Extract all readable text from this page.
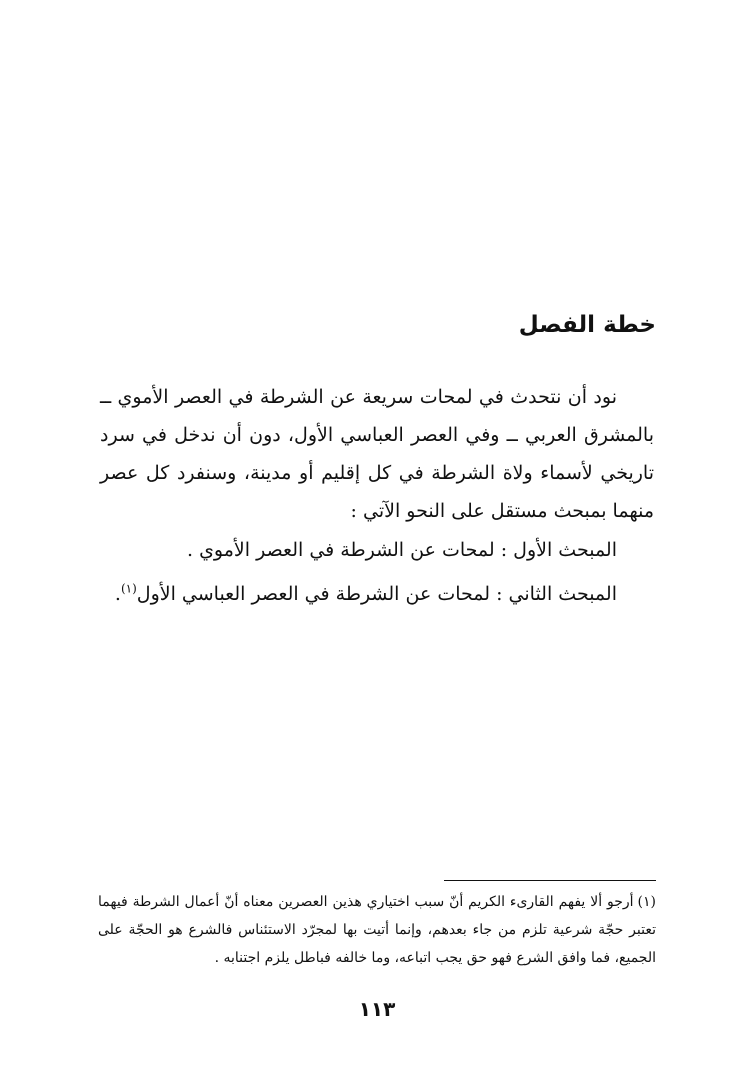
خطة الفصل

نود أن نتحدث في لمحات سريعة عن الشرطة في العصر الأموي ــ بالمشرق العربي ــ وفي العصر العباسي الأول، دون أن ندخل في سرد تاريخي لأسماء ولاة الشرطة في كل إقليم أو مدينة، وسنفرد كل عصر منهما بمبحث مستقل على النحو الآتي :

المبحث الأول : لمحات عن الشرطة في العصر الأموي .
المبحث الثاني : لمحات عن الشرطة في العصر العباسي الأول$^{(١)}$.

(١)أرجو ألا يفهم القارىء الكريم أنّ سبب اختياري هذين العصرين معناه أنّ أعمال الشرطة فيهما تعتبر حجّة شرعية تلزم من جاء بعدهم، وإنما أتيت بها لمجرّد الاستئناس فالشرع هو الحجّة على الجميع، فما وافق الشرع فهو حق يجب اتباعه، وما خالفه فباطل يلزم اجتنابه .

١١٣
